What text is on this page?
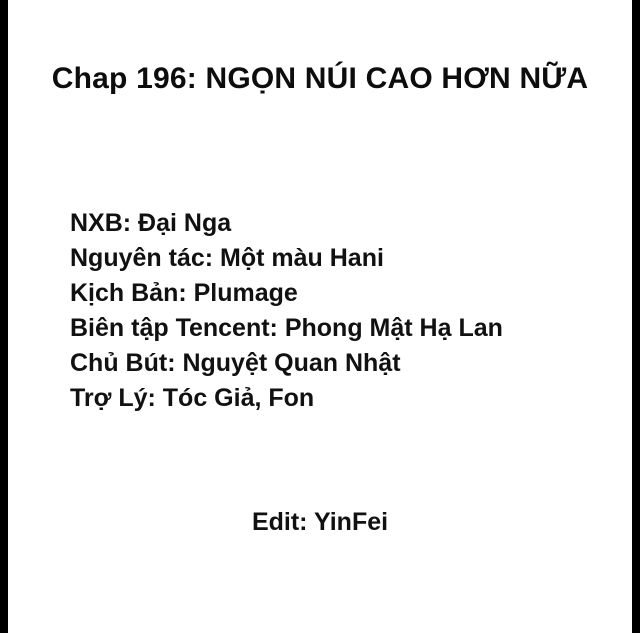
Chap 196: NGỌN NÚI CAO HƠN NỮA
NXB: Đại Nga
Nguyên tác: Một màu Hani
Kịch Bản: Plumage
Biên tập Tencent: Phong Mật Hạ Lan
Chủ Bút: Nguyệt Quan Nhật
Trợ Lý: Tóc Giả, Fon
Edit: YinFei
